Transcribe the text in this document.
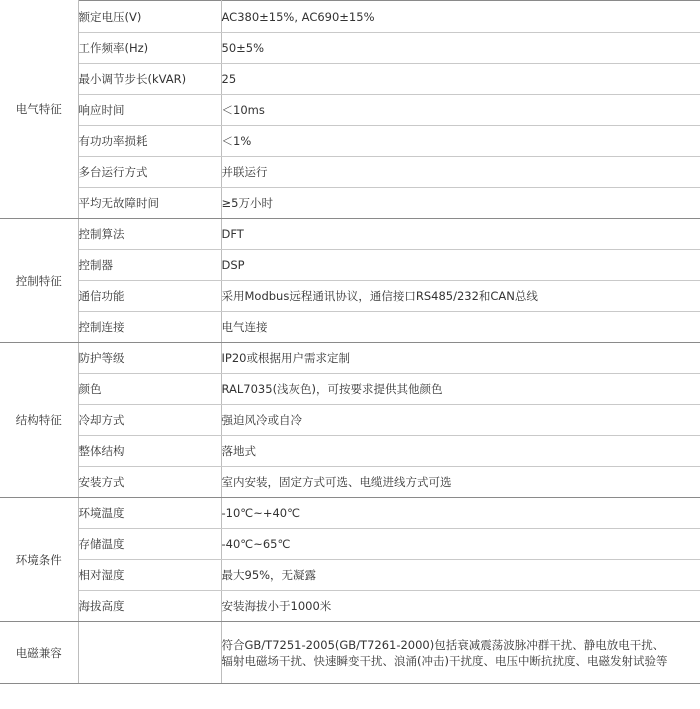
电气特征	额定电压(V)	AC380±15%, AC690±15%
	工作频率(Hz)	50±5%
	最小调节步长(kVAR)	25
	响应时间	＜10ms
	有功功率损耗	＜1%
	多台运行方式	并联运行
	平均无故障时间	≥5万小时
控制特征	控制算法	DFT
	控制器	DSP
	通信功能	采用Modbus远程通讯协议，通信接口RS485/232和CAN总线
	控制连接	电气连接
结构特征	防护等级	IP20或根据用户需求定制
	颜色	RAL7035(浅灰色)，可按要求提供其他颜色
	冷却方式	强迫风冷或自冷
	整体结构	落地式
	安装方式	室内安装，固定方式可选、电缆进线方式可选
环境条件	环境温度	-10℃~+40℃
	存储温度	-40℃~65℃
	相对湿度	最大95%，无凝露
	海拔高度	安装海拔小于1000米
电磁兼容		符合GB/T7251-2005(GB/T7261-2000)包括衰减震荡波脉冲群干扰、静电放电干扰、
辐射电磁场干扰、快速瞬变干扰、浪涌(冲击)干扰度、电压中断抗扰度、电磁发射试验等
